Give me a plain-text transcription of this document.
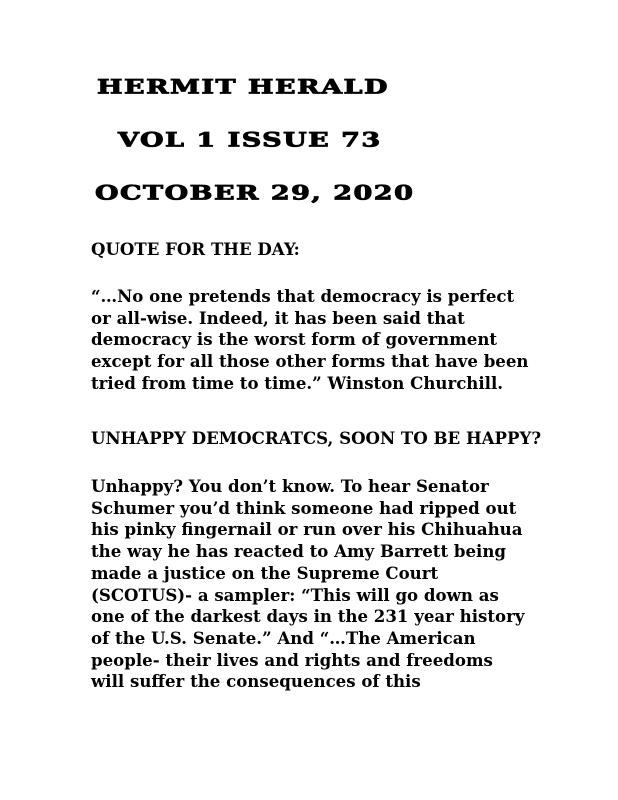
HERMIT HERALD
VOL 1 ISSUE 73
OCTOBER 29, 2020
QUOTE FOR THE DAY:
“…No one pretends that democracy is perfect
or all-wise. Indeed, it has been said that
democracy is the worst form of government
except for all those other forms that have been
tried from time to time.” Winston Churchill.
UNHAPPY DEMOCRATCS, SOON TO BE HAPPY?
Unhappy? You don’t know. To hear Senator
Schumer you’d think someone had ripped out
his pinky fingernail or run over his Chihuahua
the way he has reacted to Amy Barrett being
made a justice on the Supreme Court
(SCOTUS)- a sampler: “This will go down as
one of the darkest days in the 231 year history
of the U.S. Senate.” And “…The American
people- their lives and rights and freedoms
will suffer the consequences of this
